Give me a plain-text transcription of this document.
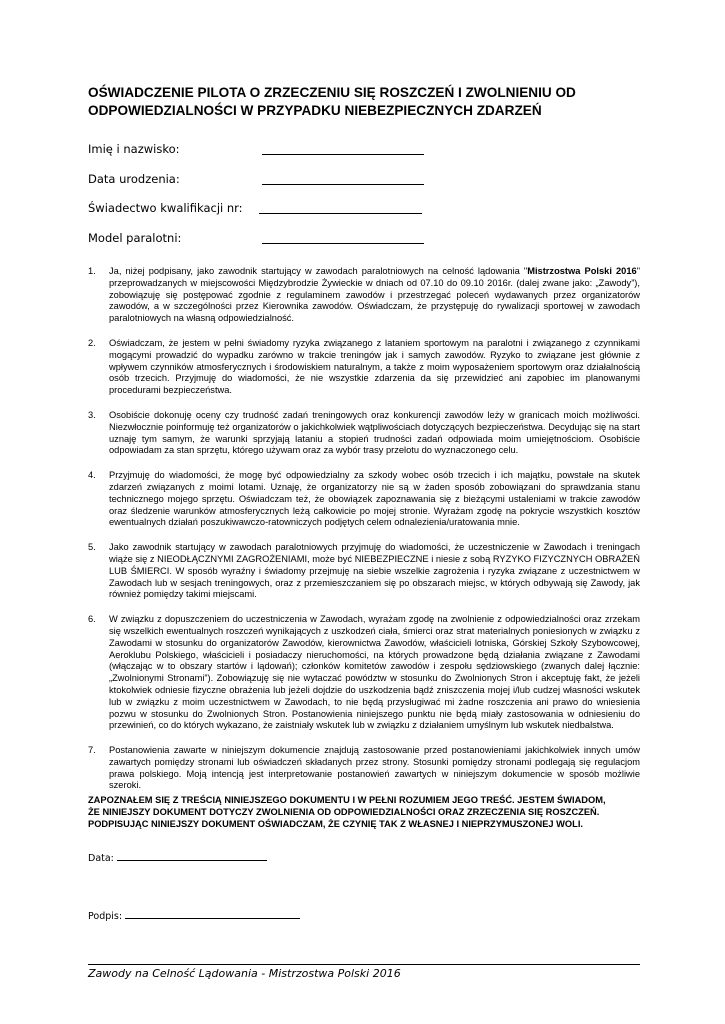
OŚWIADCZENIE PILOTA O ZRZECZENIU SIĘ ROSZCZEŃ I ZWOLNIENIU OD
ODPOWIEDZIALNOŚCI W PRZYPADKU NIEBEZPIECZNYCH ZDARZEŃ
Imię i nazwisko:
Data urodzenia:
Świadectwo kwalifikacji nr:
Model paralotni:
1. Ja, niżej podpisany, jako zawodnik startujący w zawodach paralotniowych na celność lądowania "Mistrzostwa Polski 2016" przeprowadzanych w miejscowości Międzybrodzie Żywieckie w dniach od 07.10 do 09.10 2016r. (dalej zwane jako: „Zawody”), zobowiązuję się postępować zgodnie z regulaminem zawodów i przestrzegać poleceń wydawanych przez organizatorów zawodów, a w szczególności przez Kierownika zawodów. Oświadczam, że przystępuję do rywalizacji sportowej w zawodach paralotniowych na własną odpowiedzialność.
2. Oświadczam, że jestem w pełni świadomy ryzyka związanego z lataniem sportowym na paralotni i związanego z czynnikami mogącymi prowadzić do wypadku zarówno w trakcie treningów jak i samych zawodów. Ryzyko to związane jest głównie z wpływem czynników atmosferycznych i środowiskiem naturalnym, a także z moim wyposażeniem sportowym oraz działalnością osób trzecich. Przyjmuję do wiadomości, że nie wszystkie zdarzenia da się przewidzieć ani zapobiec im planowanymi procedurami bezpieczeństwa.
3. Osobiście dokonuję oceny czy trudność zadań treningowych oraz konkurencji zawodów leży w granicach moich możliwości. Niezwłocznie poinformuję też organizatorów o jakichkolwiek wątpliwościach dotyczących bezpieczeństwa. Decydując się na start uznaję tym samym, że warunki sprzyjają lataniu a stopień trudności zadań odpowiada moim umiejętnościom. Osobiście odpowiadam za stan sprzętu, którego używam oraz za wybór trasy przelotu do wyznaczonego celu.
4. Przyjmuję do wiadomości, że mogę być odpowiedzialny za szkody wobec osób trzecich i ich majątku, powstałe na skutek zdarzeń związanych z moimi lotami. Uznaję, że organizatorzy nie są w żaden sposób zobowiązani do sprawdzania stanu technicznego mojego sprzętu. Oświadczam też, że obowiązek zapoznawania się z bieżącymi ustaleniami w trakcie zawodów oraz śledzenie warunków atmosferycznych leżą całkowicie po mojej stronie. Wyrażam zgodę na pokrycie wszystkich kosztów ewentualnych działań poszukiwawczo-ratowniczych podjętych celem odnalezienia/uratowania mnie.
5. Jako zawodnik startujący w zawodach paralotniowych przyjmuję do wiadomości, że uczestniczenie w Zawodach i treningach wiąże się z NIEODŁĄCZNYMI ZAGROŻENIAMI, może być NIEBEZPIECZNE i niesie z sobą RYZYKO FIZYCZNYCH OBRAŻEŃ LUB ŚMIERCI. W sposób wyraźny i świadomy przejmuję na siebie wszelkie zagrożenia i ryzyka związane z uczestnictwem w Zawodach lub w sesjach treningowych, oraz z przemieszczaniem się po obszarach miejsc, w których odbywają się Zawody, jak również pomiędzy takimi miejscami.
6. W związku z dopuszczeniem do uczestniczenia w Zawodach, wyrażam zgodę na zwolnienie z odpowiedzialności oraz zrzekam się wszelkich ewentualnych roszczeń wynikających z uszkodzeń ciała, śmierci oraz strat materialnych poniesionych w związku z Zawodami w stosunku do organizatorów Zawodów, kierownictwa Zawodów, właścicieli lotniska, Górskiej Szkoły Szybowcowej, Aeroklubu Polskiego, właścicieli i posiadaczy nieruchomości, na których prowadzone będą działania związane z Zawodami (włączając w to obszary startów i lądowań); członków komitetów zawodów i zespołu sędziowskiego (zwanych dalej łącznie: „Zwolnionymi Stronami”). Zobowiązuję się nie wytaczać powództw w stosunku do Zwolnionych Stron i akceptuję fakt, że jeżeli ktokolwiek odniesie fizyczne obrażenia lub jeżeli dojdzie do uszkodzenia bądź zniszczenia mojej i/lub cudzej własności wskutek lub w związku z moim uczestnictwem w Zawodach, to nie będą przysługiwać mi żadne roszczenia ani prawo do wniesienia pozwu w stosunku do Zwolnionych Stron. Postanowienia niniejszego punktu nie będą miały zastosowania w odniesieniu do przewinień, co do których wykazano, że zaistniały wskutek lub w związku z działaniem umyślnym lub wskutek niedbalstwa.
7. Postanowienia zawarte w niniejszym dokumencie znajdują zastosowanie przed postanowieniami jakichkolwiek innych umów zawartych pomiędzy stronami lub oświadczeń składanych przez strony. Stosunki pomiędzy stronami podlegają się regulacjom prawa polskiego. Moją intencją jest interpretowanie postanowień zawartych w niniejszym dokumencie w sposób możliwie szeroki.
ZAPOZNAŁEM SIĘ Z TREŚCIĄ NINIEJSZEGO DOKUMENTU I W PEŁNI ROZUMIEM JEGO TREŚĆ. JESTEM ŚWIADOM,
ŻE NINIEJSZY DOKUMENT DOTYCZY ZWOLNIENIA OD ODPOWIEDZIALNOŚCI ORAZ ZRZECZENIA SIĘ ROSZCZEŃ.
PODPISUJĄC NINIEJSZY DOKUMENT OŚWIADCZAM, ŻE CZYNIĘ TAK Z WŁASNEJ I NIEPRZYMUSZONEJ WOLI.
Data:
Podpis:
Zawody na Celność Lądowania - Mistrzostwa Polski 2016
